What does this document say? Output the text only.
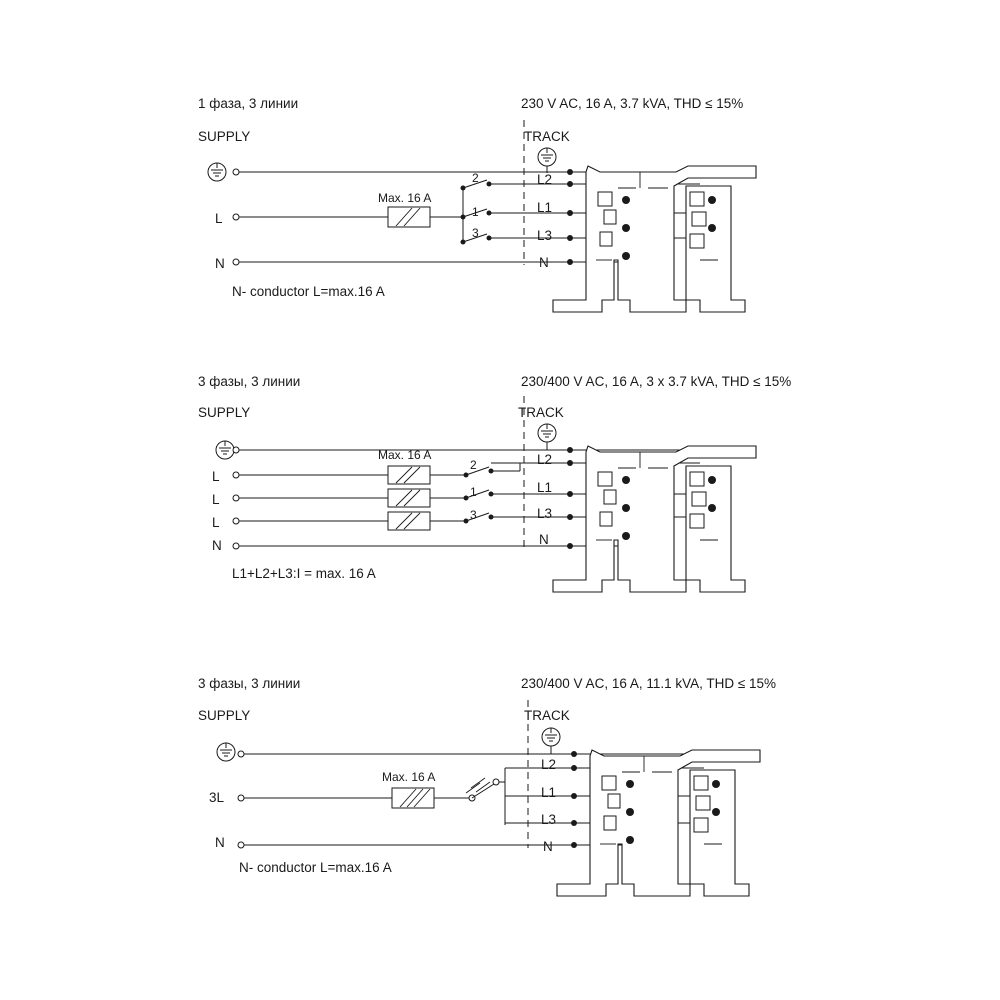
1 фаза, 3 линии	230 V AC, 16 A, 3.7 kVA, THD ≤ 15%
SUPPLY	TRACK
Max. 16 A
L
N
N- conductor L=max.16 A
2
1
3
L2
L1
L3
N
3 фазы, 3 линии	230/400 V AC, 16 A, 3 x 3.7 kVA, THD ≤ 15%
SUPPLY	TRACK
Max. 16 A
L
L
L
N
L1+L2+L3:I = max. 16 A
2
1
3
L2
L1
L3
N
3 фазы, 3 линии	230/400 V AC, 16 A, 11.1 kVA, THD ≤ 15%
SUPPLY	TRACK
Max. 16 A
3L
N
N- conductor L=max.16 A
L2
L1
L3
N
